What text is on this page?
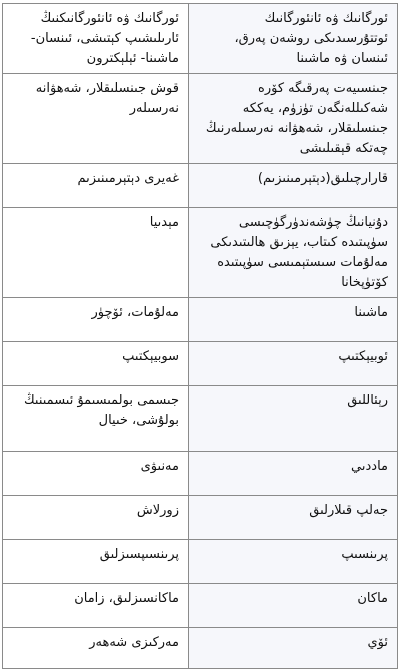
ئورگانىك ۋە ئانئورگانىك ئوتتۇرسىدىكى روشەن پەرق، ئىنسان ۋە ماشىنا	ئورگانىك ۋە ئانئورگانىكنىڭ ئارىلىشىپ كېتىشى، ئىنسان- ماشىنا- ئېلېكترون
جىنسىيەت پەرقىگە كۆرە شەكىللەنگەن تۈزۈم، يەككە جىنسلىقلار، شەھۋانە نەرسىلەرنىڭ چەتكە قېقىلىشى	قوش جىنسلىقلار، شەھۋانە نەرسىلەر
قارارچىلىق(دېتېرمىنىزىم)	غەيرى دېتېرمىنىزىم
دۇنيانىڭ چۈشەندۈرگۈچىسى سۈپىتىدە كىتاب، يېزىق ھالىتىدىكى مەلۇمات سىستېمىسى سۈپىتىدە كۆتۈپخانا	مېدىيا
ماشىنا	مەلۇمات، ئۆچۈر
ئوبيېكتىپ	سوبيېكتىپ
رېئاللىق	جىسمى بولمىسىمۇ ئىسمىنىڭ بولۇشى، خىيال
ماددىي	مەنىۋى
جەلپ قىلارلىق	زورلاش
پرىنسىپ	پرىنسىپسىزلىق
ماكان	ماكانسىزلىق، زامان
ئۆي	مەركىزى شەھەر
